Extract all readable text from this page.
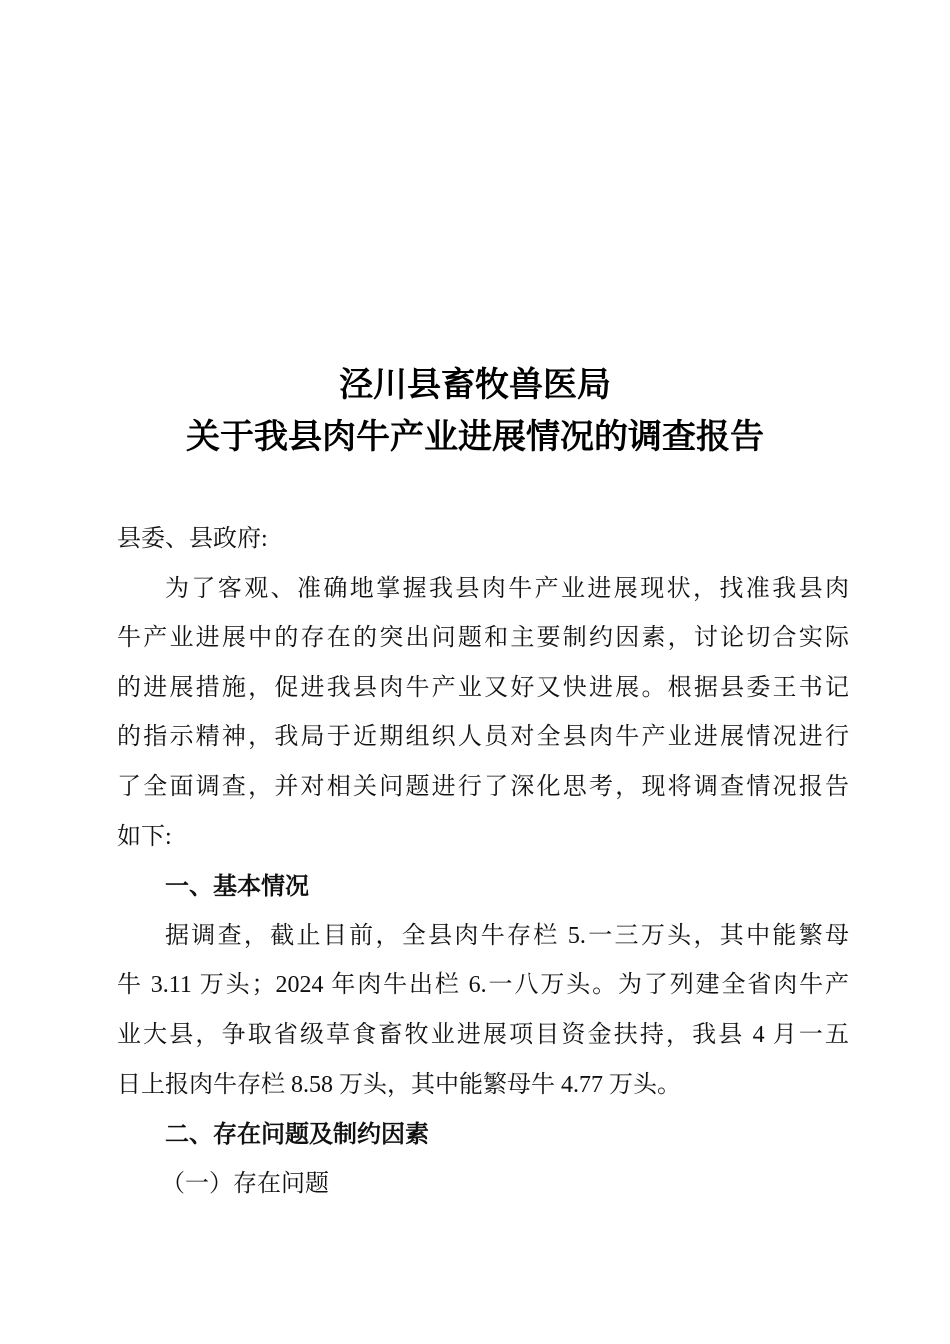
泾川县畜牧兽医局
关于我县肉牛产业进展情况的调查报告
县委、县政府:
为了客观、准确地掌握我县肉牛产业进展现状，找准我县肉
牛产业进展中的存在的突出问题和主要制约因素，讨论切合实际
的进展措施，促进我县肉牛产业又好又快进展。根据县委王书记
的指示精神，我局于近期组织人员对全县肉牛产业进展情况进行
了全面调查，并对相关问题进行了深化思考，现将调查情况报告
如下:
一、基本情况
据调查，截止目前，全县肉牛存栏 5.一三万头，其中能繁母
牛 3.11 万头；2024 年肉牛出栏 6.一八万头。为了列建全省肉牛产
业大县，争取省级草食畜牧业进展项目资金扶持，我县 4 月一五
日上报肉牛存栏 8.58 万头，其中能繁母牛 4.77 万头。
二、存在问题及制约因素
（一）存在问题
